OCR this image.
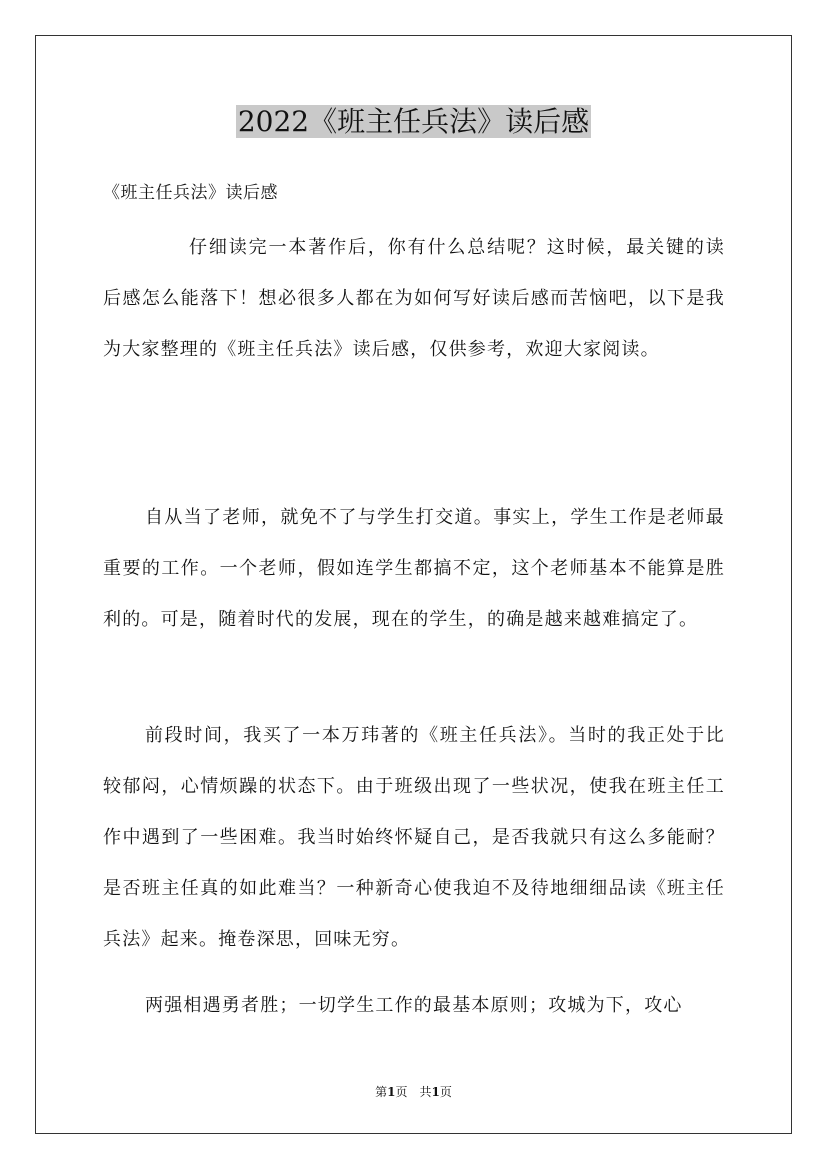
2022《班主任兵法》读后感
《班主任兵法》读后感

仔细读完一本著作后，你有什么总结呢？这时候，最关键的读后感怎么能落下！想必很多人都在为如何写好读后感而苦恼吧，以下是我为大家整理的《班主任兵法》读后感，仅供参考，欢迎大家阅读。

自从当了老师，就免不了与学生打交道。事实上，学生工作是老师最重要的工作。一个老师，假如连学生都搞不定，这个老师基本不能算是胜利的。可是，随着时代的发展，现在的学生，的确是越来越难搞定了。

前段时间，我买了一本万玮著的《班主任兵法》。当时的我正处于比较郁闷，心情烦躁的状态下。由于班级出现了一些状况，使我在班主任工作中遇到了一些困难。我当时始终怀疑自己，是否我就只有这么多能耐？是否班主任真的如此难当？一种新奇心使我迫不及待地细细品读《班主任兵法》起来。掩卷深思，回味无穷。

两强相遇勇者胜；一切学生工作的最基本原则；攻城为下，攻心

第1页　共1页
